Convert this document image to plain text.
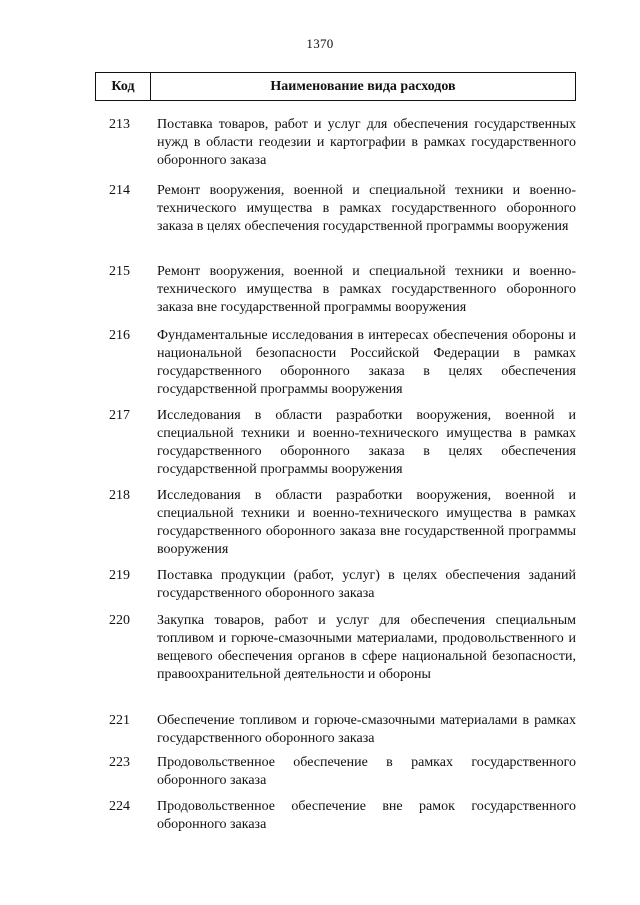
1370
Код	Наименование вида расходов
213	Поставка товаров, работ и услуг для обеспечения государственных нужд в области геодезии и картографии в рамках государственного оборонного заказа
214	Ремонт вооружения, военной и специальной техники и военно-технического имущества в рамках государственного оборонного заказа в целях обеспечения государственной программы вооружения
215	Ремонт вооружения, военной и специальной техники и военно-технического имущества в рамках государственного оборонного заказа вне государственной программы вооружения
216	Фундаментальные исследования в интересах обеспечения обороны и национальной безопасности Российской Федерации в рамках государственного оборонного заказа в целях обеспечения государственной программы вооружения
217	Исследования в области разработки вооружения, военной и специальной техники и военно-технического имущества в рамках государственного оборонного заказа в целях обеспечения государственной программы вооружения
218	Исследования в области разработки вооружения, военной и специальной техники и военно-технического имущества в рамках государственного оборонного заказа вне государственной программы вооружения
219	Поставка продукции (работ, услуг) в целях обеспечения заданий государственного оборонного заказа
220	Закупка товаров, работ и услуг для обеспечения специальным топливом и горюче-смазочными материалами, продовольственного и вещевого обеспечения органов в сфере национальной безопасности, правоохранительной деятельности и обороны
221	Обеспечение топливом и горюче-смазочными материалами в рамках государственного оборонного заказа
223	Продовольственное обеспечение в рамках государственного оборонного заказа
224	Продовольственное обеспечение вне рамок государственного оборонного заказа
